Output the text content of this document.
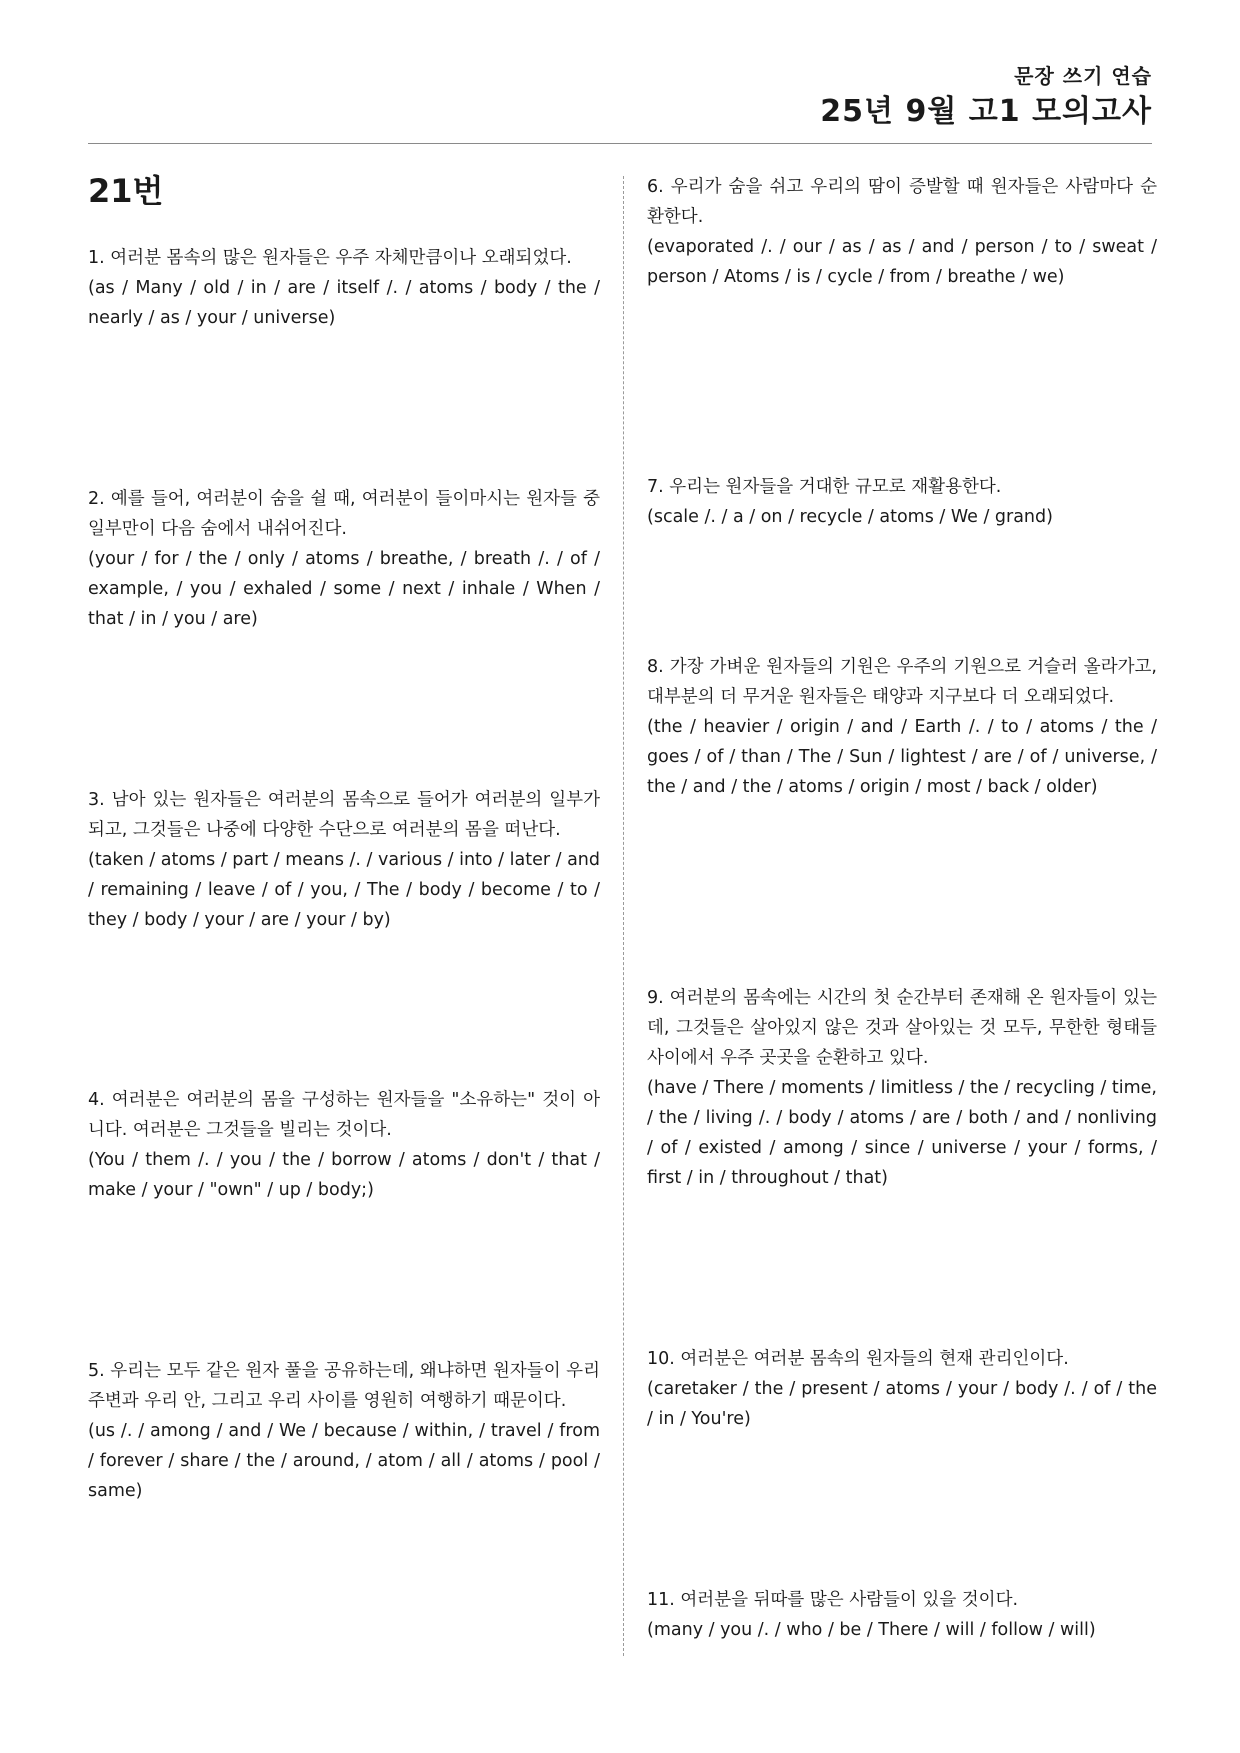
문장 쓰기 연습
25년 9월 고1 모의고사
21번

1. 여러분 몸속의 많은 원자들은 우주 자체만큼이나 오래되었다.

(as / Many / old / in / are / itself /. / atoms / body / the / nearly / as / your / universe)

2. 예를 들어, 여러분이 숨을 쉴 때, 여러분이 들이마시는 원자들 중 일부만이 다음 숨에서 내쉬어진다.

(your / for / the / only / atoms / breathe, / breath /. / of / example, / you / exhaled / some / next / inhale / When / that / in / you / are)

3. 남아 있는 원자들은 여러분의 몸속으로 들어가 여러분의 일부가 되고, 그것들은 나중에 다양한 수단으로 여러분의 몸을 떠난다.

(taken / atoms / part / means /. / various / into / later / and / remaining / leave / of / you, / The / body / become / to / they / body / your / are / your / by)

4. 여러분은 여러분의 몸을 구성하는 원자들을 "소유하는" 것이 아니다. 여러분은 그것들을 빌리는 것이다.

(You / them /. / you / the / borrow / atoms / don't / that / make / your / "own" / up / body;)

5. 우리는 모두 같은 원자 풀을 공유하는데, 왜냐하면 원자들이 우리 주변과 우리 안, 그리고 우리 사이를 영원히 여행하기 때문이다.

(us /. / among / and / We / because / within, / travel / from / forever / share / the / around, / atom / all / atoms / pool / same)

6. 우리가 숨을 쉬고 우리의 땀이 증발할 때 원자들은 사람마다 순환한다.

(evaporated /. / our / as / as / and / person / to / sweat / person / Atoms / is / cycle / from / breathe / we)

7. 우리는 원자들을 거대한 규모로 재활용한다.

(scale /. / a / on / recycle / atoms / We / grand)

8. 가장 가벼운 원자들의 기원은 우주의 기원으로 거슬러 올라가고, 대부분의 더 무거운 원자들은 태양과 지구보다 더 오래되었다.

(the / heavier / origin / and / Earth /. / to / atoms / the / goes / of / than / The / Sun / lightest / are / of / universe, / the / and / the / atoms / origin / most / back / older)

9. 여러분의 몸속에는 시간의 첫 순간부터 존재해 온 원자들이 있는데, 그것들은 살아있지 않은 것과 살아있는 것 모두, 무한한 형태들 사이에서 우주 곳곳을 순환하고 있다.

(have / There / moments / limitless / the / recycling / time, / the / living /. / body / atoms / are / both / and / nonliving / of / existed / among / since / universe / your / forms, / first / in / throughout / that)

10. 여러분은 여러분 몸속의 원자들의 현재 관리인이다.

(caretaker / the / present / atoms / your / body /. / of / the / in / You're)

11. 여러분을 뒤따를 많은 사람들이 있을 것이다.

(many / you /. / who / be / There / will / follow / will)
